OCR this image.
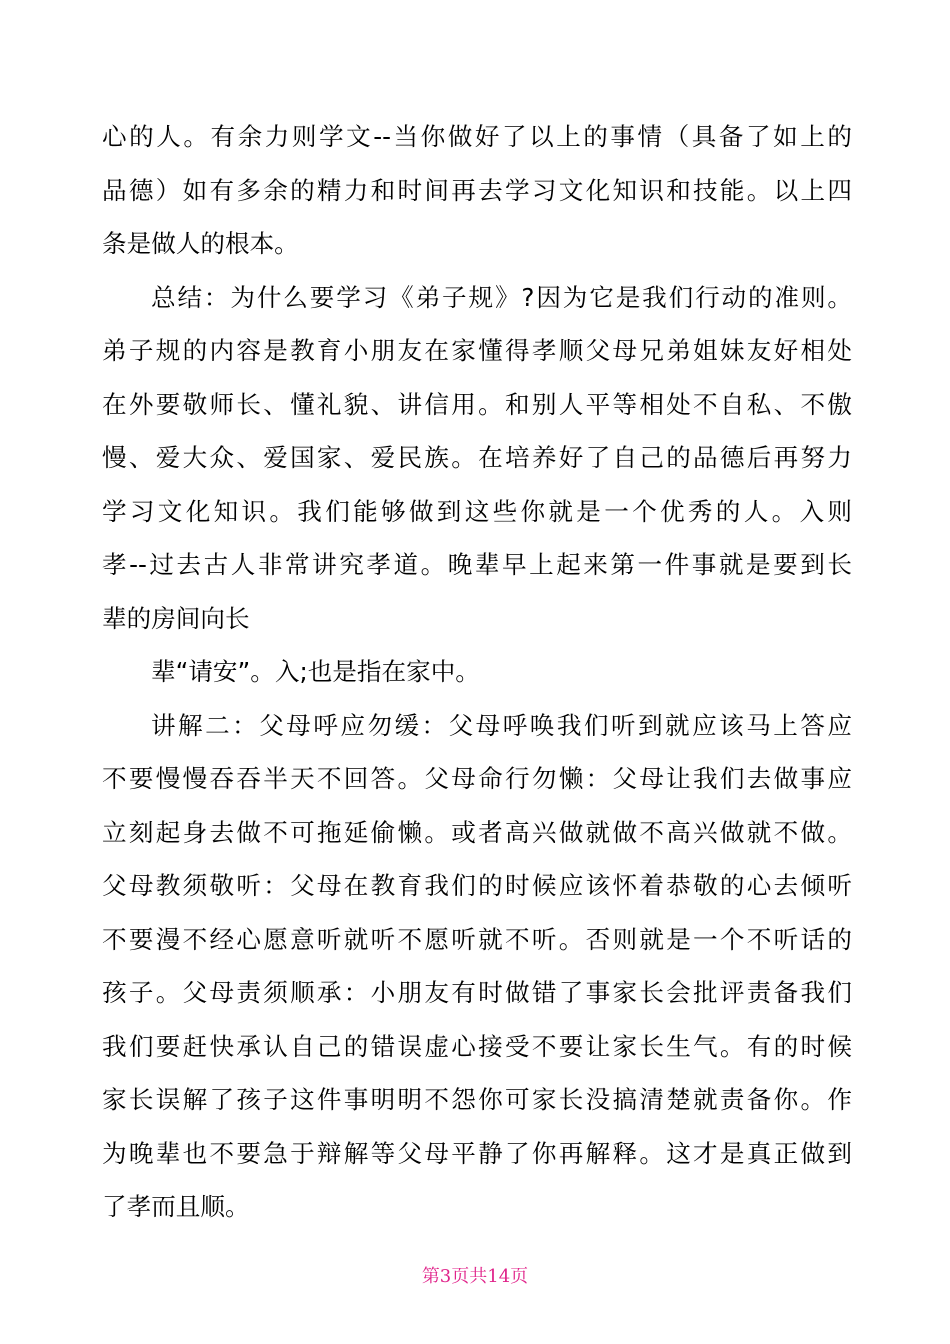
心的人。有余力则学文--当你做好了以上的事情（具备了如上的
品德）如有多余的精力和时间再去学习文化知识和技能。以上四
条是做人的根本。
总结：为什么要学习《弟子规》?因为它是我们行动的准则。
弟子规的内容是教育小朋友在家懂得孝顺父母兄弟姐妹友好相处
在外要敬师长、懂礼貌、讲信用。和别人平等相处不自私、不傲
慢、爱大众、爱国家、爱民族。在培养好了自己的品德后再努力
学习文化知识。我们能够做到这些你就是一个优秀的人。入则
孝--过去古人非常讲究孝道。晚辈早上起来第一件事就是要到长
辈的房间向长
辈“请安”。入;也是指在家中。
讲解二：父母呼应勿缓：父母呼唤我们听到就应该马上答应
不要慢慢吞吞半天不回答。父母命行勿懒：父母让我们去做事应
立刻起身去做不可拖延偷懒。或者高兴做就做不高兴做就不做。
父母教须敬听：父母在教育我们的时候应该怀着恭敬的心去倾听
不要漫不经心愿意听就听不愿听就不听。否则就是一个不听话的
孩子。父母责须顺承：小朋友有时做错了事家长会批评责备我们
我们要赶快承认自己的错误虚心接受不要让家长生气。有的时候
家长误解了孩子这件事明明不怨你可家长没搞清楚就责备你。作
为晚辈也不要急于辩解等父母平静了你再解释。这才是真正做到
了孝而且顺。
第3页共14页
